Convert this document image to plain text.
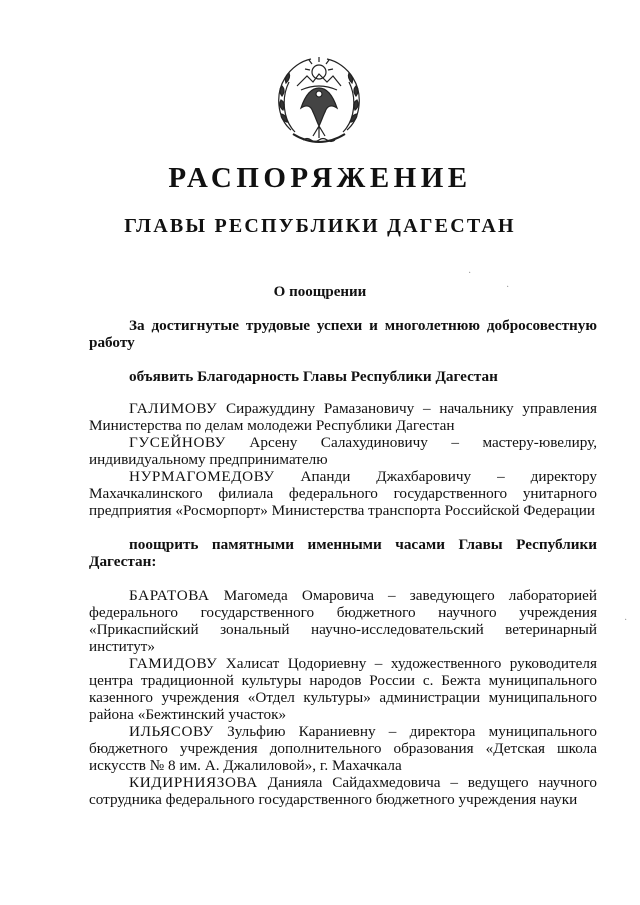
РАСПОРЯЖЕНИЕ
ГЛАВЫ РЕСПУБЛИКИ ДАГЕСТАН

О поощрении

За достигнутые трудовые успехи и многолетнюю добросовестную работу

объявить Благодарность Главы Республики Дагестан

ГАЛИМОВУ Сиражуддину Рамазановичу – начальнику управления Министерства по делам молодежи Республики Дагестан

ГУСЕЙНОВУ Арсену Салахудиновичу – мастеру-ювелиру, индивидуальному предпринимателю

НУРМАГОМЕДОВУ Апанди Джахбаровичу – директору Махачкалинского филиала федерального государственного унитарного предприятия «Росморпорт» Министерства транспорта Российской Федерации

поощрить памятными именными часами Главы Республики Дагестан:

БАРАТОВА Магомеда Омаровича – заведующего лабораторией федерального государственного бюджетного научного учреждения «Прикаспийский зональный научно-исследовательский ветеринарный институт»

ГАМИДОВУ Халисат Цодориевну – художественного руководителя центра традиционной культуры народов России с. Бежта муниципального казенного учреждения «Отдел культуры» администрации муниципального района «Бежтинский участок»

ИЛЬЯСОВУ Зульфию Караниевну – директора муниципального бюджетного учреждения дополнительного образования «Детская школа искусств № 8 им. А. Джалиловой», г. Махачкала

КИДИРНИЯЗОВА Данияла Сайдахмедовича – ведущего научного сотрудника федерального государственного бюджетного учреждения науки

·
·
·
